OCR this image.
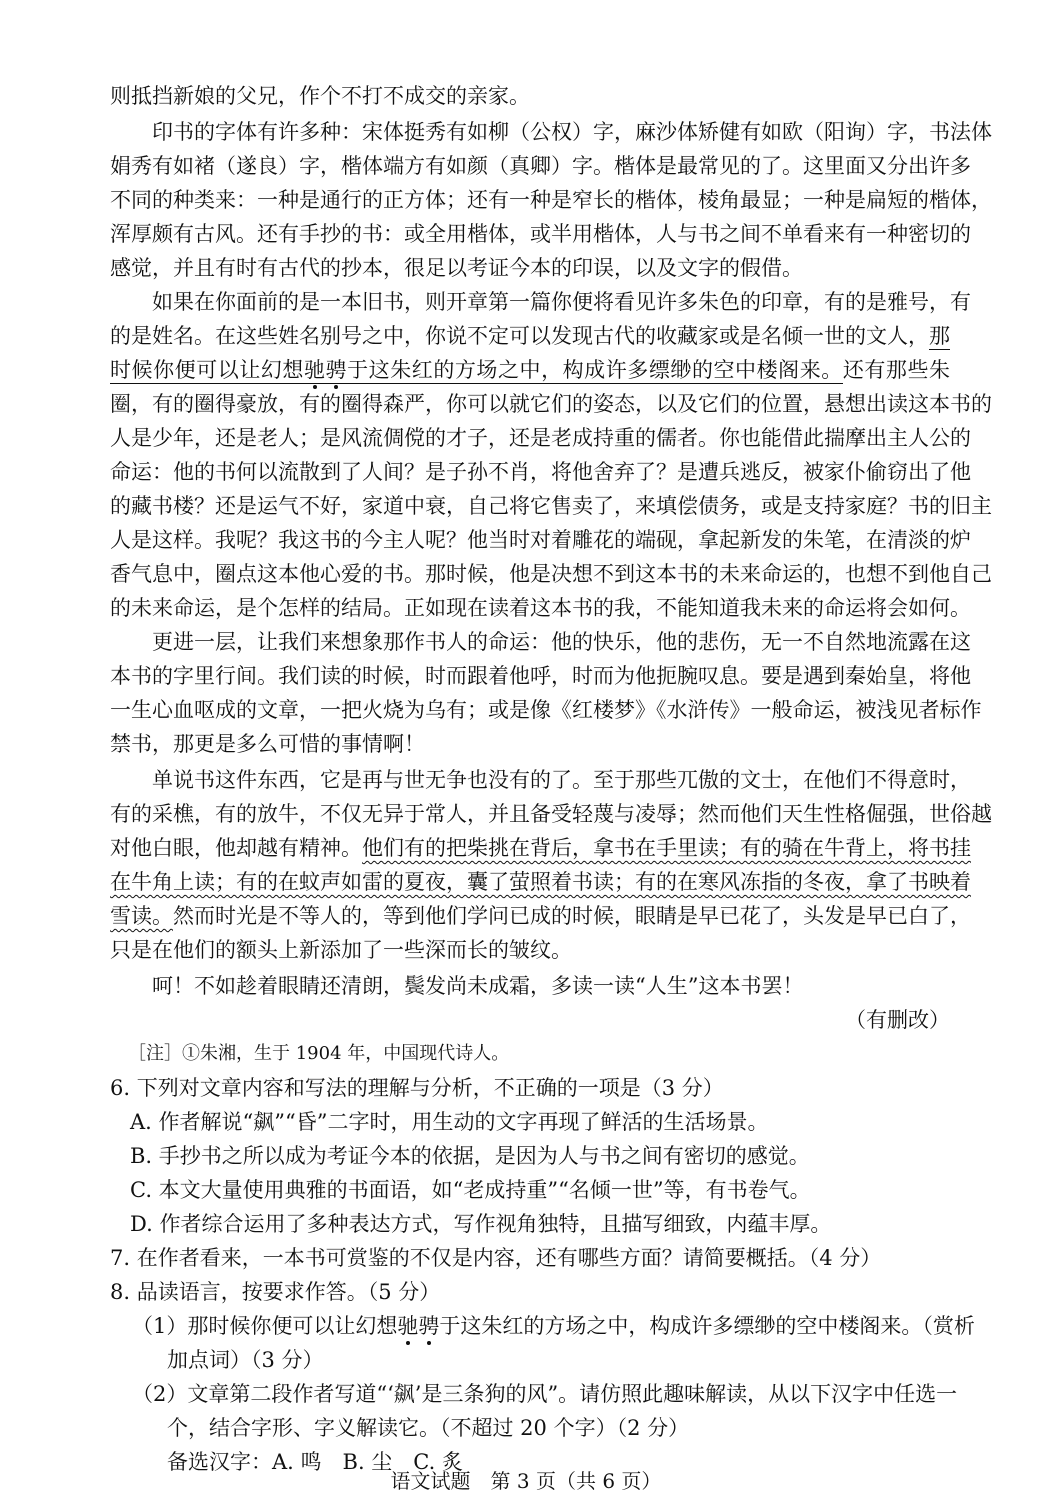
则抵挡新娘的父兄，作个不打不成交的亲家。
印书的字体有许多种：宋体挺秀有如柳（公权）字，麻沙体矫健有如欧（阳询）字，书法体
娟秀有如褚（遂良）字，楷体端方有如颜（真卿）字。楷体是最常见的了。这里面又分出许多
不同的种类来：一种是通行的正方体；还有一种是窄长的楷体，棱角最显；一种是扁短的楷体，
浑厚颇有古风。还有手抄的书：或全用楷体，或半用楷体，人与书之间不单看来有一种密切的
感觉，并且有时有古代的抄本，很足以考证今本的印误，以及文字的假借。
如果在你面前的是一本旧书，则开章第一篇你便将看见许多朱色的印章，有的是雅号，有
的是姓名。在这些姓名别号之中，你说不定可以发现古代的收藏家或是名倾一世的文人，那
时候你便可以让幻想驰骋于这朱红的方场之中，构成许多缥缈的空中楼阁来。还有那些朱
圈，有的圈得豪放，有的圈得森严，你可以就它们的姿态，以及它们的位置，悬想出读这本书的
人是少年，还是老人；是风流倜傥的才子，还是老成持重的儒者。你也能借此揣摩出主人公的
命运：他的书何以流散到了人间？是子孙不肖，将他舍弃了？是遭兵逃反，被家仆偷窃出了他
的藏书楼？还是运气不好，家道中衰，自己将它售卖了，来填偿债务，或是支持家庭？书的旧主
人是这样。我呢？我这书的今主人呢？他当时对着雕花的端砚，拿起新发的朱笔，在清淡的炉
香气息中，圈点这本他心爱的书。那时候，他是决想不到这本书的未来命运的，也想不到他自己
的未来命运，是个怎样的结局。正如现在读着这本书的我，不能知道我未来的命运将会如何。
更进一层，让我们来想象那作书人的命运：他的快乐，他的悲伤，无一不自然地流露在这
本书的字里行间。我们读的时候，时而跟着他呼，时而为他扼腕叹息。要是遇到秦始皇，将他
一生心血呕成的文章，一把火烧为乌有；或是像《红楼梦》《水浒传》一般命运，被浅见者标作
禁书，那更是多么可惜的事情啊！
单说书这件东西，它是再与世无争也没有的了。至于那些兀傲的文士，在他们不得意时，
有的采樵，有的放牛，不仅无异于常人，并且备受轻蔑与凌辱；然而他们天生性格倔强，世俗越
对他白眼，他却越有精神。他们有的把柴挑在背后，拿书在手里读；有的骑在牛背上，将书挂
在牛角上读；有的在蚊声如雷的夏夜，囊了萤照着书读；有的在寒风冻指的冬夜，拿了书映着
雪读。然而时光是不等人的，等到他们学问已成的时候，眼睛是早已花了，头发是早已白了，
只是在他们的额头上新添加了一些深而长的皱纹。
呵！不如趁着眼睛还清朗，鬓发尚未成霜，多读一读“人生”这本书罢！
（有删改）
［注］①朱湘，生于 1904 年，中国现代诗人。
6. 下列对文章内容和写法的理解与分析，不正确的一项是（3 分）
A. 作者解说“飙”“昏”二字时，用生动的文字再现了鲜活的生活场景。
B. 手抄书之所以成为考证今本的依据，是因为人与书之间有密切的感觉。
C. 本文大量使用典雅的书面语，如“老成持重”“名倾一世”等，有书卷气。
D. 作者综合运用了多种表达方式，写作视角独特，且描写细致，内蕴丰厚。
7. 在作者看来，一本书可赏鉴的不仅是内容，还有哪些方面？请简要概括。（4 分）
8. 品读语言，按要求作答。（5 分）
（1）那时候你便可以让幻想驰骋于这朱红的方场之中，构成许多缥缈的空中楼阁来。（赏析
加点词）（3 分）
（2）文章第二段作者写道“‘飙’是三条狗的风”。请仿照此趣味解读，从以下汉字中任选一
个，结合字形、字义解读它。（不超过 20 个字）（2 分）
备选汉字：A. 鸣　B. 尘　C. 炙
语文试题　第 3 页（共 6 页）
